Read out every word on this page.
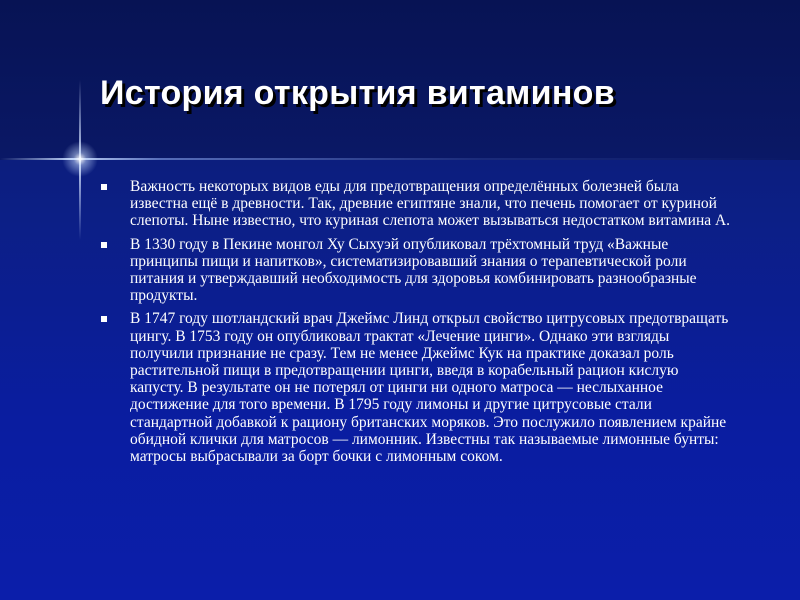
История открытия витаминов
Важность некоторых видов еды для предотвращения определённых болезней была известна ещё в древности. Так, древние египтяне знали, что печень помогает от куриной слепоты. Ныне известно, что куриная слепота может вызываться недостатком витамина А.
В 1330 году в Пекине монгол Ху Сыхуэй опубликовал трёхтомный труд «Важные принципы пищи и напитков», систематизировавший знания о терапевтической роли питания и утверждавший необходимость для здоровья комбинировать разнообразные продукты.
В 1747 году шотландский врач Джеймс Линд открыл свойство цитрусовых предотвращать цингу. В 1753 году он опубликовал трактат «Лечение цинги». Однако эти взгляды получили признание не сразу. Тем не менее Джеймс Кук на практике доказал роль растительной пищи в предотвращении цинги, введя в корабельный рацион кислую капусту. В результате он не потерял от цинги ни одного матроса — неслыханное достижение для того времени. В 1795 году лимоны и другие цитрусовые стали стандартной добавкой к рациону британских моряков. Это послужило появлением крайне обидной клички для матросов — лимонник. Известны так называемые лимонные бунты: матросы выбрасывали за борт бочки с лимонным соком.
